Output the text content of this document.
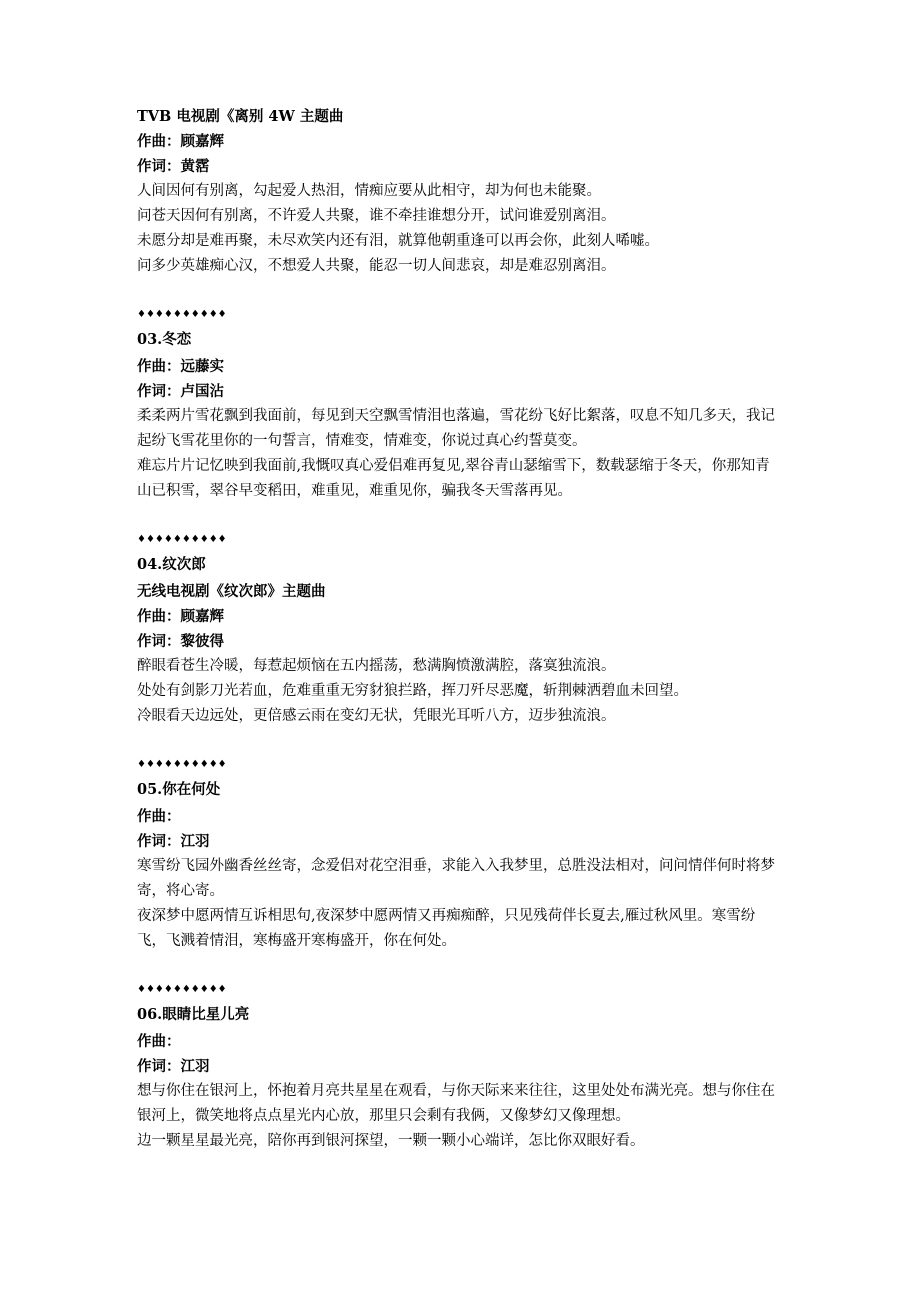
TVB 电视剧《离别 4W 主题曲
作曲：顾嘉辉
作词：黄霑
人间因何有别离，勾起爱人热泪，情痴应要从此相守，却为何也未能聚。
问苍天因何有别离，不许爱人共聚，谁不牵挂谁想分开，试问谁爱别离泪。
未愿分却是难再聚，未尽欢笑内还有泪，就算他朝重逢可以再会你，此刻人唏嘘。
问多少英雄痴心汉，不想爱人共聚，能忍一切人间悲哀，却是难忍别离泪。
♦♦♦♦♦♦♦♦♦♦
03.冬恋
作曲：远藤实
作词：卢国沾
柔柔两片雪花飘到我面前，每见到天空飘雪情泪也落遍，雪花纷飞好比絮落，叹息不知几多天，我记起纷飞雪花里你的一句誓言，情难变，情难变，你说过真心约誓莫变。
难忘片片记忆映到我面前,我慨叹真心爱侣难再复见,翠谷青山瑟缩雪下，数载瑟缩于冬天，你那知青山已积雪，翠谷早变稻田，难重见，难重见你，骗我冬天雪落再见。
♦♦♦♦♦♦♦♦♦♦
04.纹次郎
无线电视剧《纹次郎》主题曲
作曲：顾嘉辉
作词：黎彼得
醉眼看苍生冷暖，每惹起烦恼在五内摇荡，愁满胸愤激满腔，落寞独流浪。
处处有剑影刀光若血，危难重重无穷豺狼拦路，挥刀歼尽恶魔，斩荆棘洒碧血未回望。
冷眼看天边远处，更倍感云雨在变幻无状，凭眼光耳听八方，迈步独流浪。
♦♦♦♦♦♦♦♦♦♦
05.你在何处
作曲：
作词：江羽
寒雪纷飞园外幽香丝丝寄，念爱侣对花空泪垂，求能入入我梦里，总胜没法相对，问问情伴何时将梦寄，将心寄。
夜深梦中愿两情互诉相思句,夜深梦中愿两情又再痴痴醉，只见残荷伴长夏去,雁过秋风里。寒雪纷飞，飞溅着情泪，寒梅盛开寒梅盛开，你在何处。
♦♦♦♦♦♦♦♦♦♦
06.眼睛比星儿亮
作曲：
作词：江羽
想与你住在银河上，怀抱着月亮共星星在观看，与你天际来来往往，这里处处布满光亮。想与你住在银河上，微笑地将点点星光内心放，那里只会剩有我俩，又像梦幻又像理想。
边一颗星星最光亮，陪你再到银河探望，一颗一颗小心端详，怎比你双眼好看。
